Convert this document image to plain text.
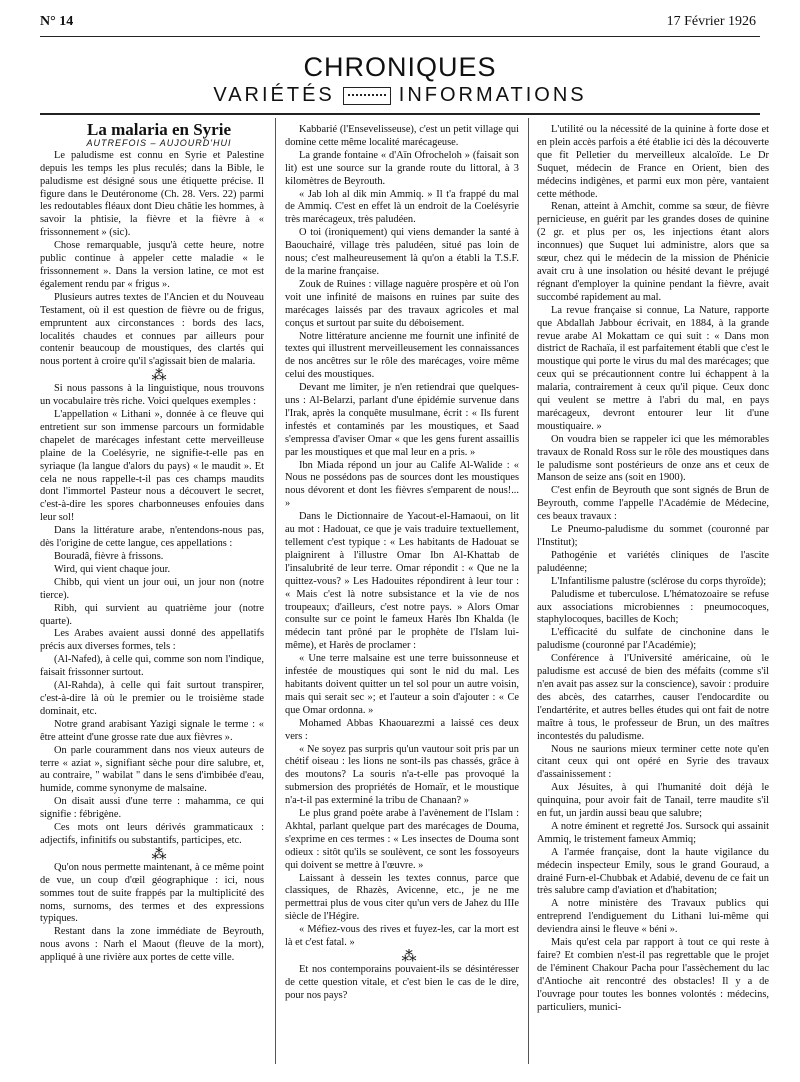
N° 14	17 Février 1926
CHRONIQUES
VARIÉTÉS	INFORMATIONS

La malaria en Syrie

AUTREFOIS – AUJOURD'HUI

Le paludisme est connu en Syrie et Palestine depuis les temps les plus reculés; dans la Bible, le paludisme est désigné sous une étiquette précise. Il figure dans le Deutéronome (Ch. 28. Vers. 22) parmi les redoutables fléaux dont Dieu châtie les hommes, à savoir la phtisie, la fièvre et la fièvre à « frissonnement » (sic).

Chose remarquable, jusqu'à cette heure, notre public continue à appeler cette maladie « le frissonnement ». Dans la version latine, ce mot est également rendu par « frigus ».

Plusieurs autres textes de l'Ancien et du Nouveau Testament, où il est question de fièvre ou de frigus, empruntent aux circonstances : bords des lacs, localités chaudes et connues par ailleurs pour contenir beaucoup de moustiques, des clartés qui nous portent à croire qu'il s'agissait bien de malaria.

⁂

Si nous passons à la linguistique, nous trouvons un vocabulaire très riche. Voici quelques exemples :

L'appellation « Lithani », donnée à ce fleuve qui entretient sur son immense parcours un formidable chapelet de marécages infestant cette merveilleuse plaine de la Coelésyrie, ne signifie-t-elle pas en syriaque (la langue d'alors du pays) « le maudit ». Et cela ne nous rappelle-t-il pas ces champs maudits dont l'immortel Pasteur nous a découvert le secret, c'est-à-dire les spores charbonneuses enfouies dans leur sol!

Dans la littérature arabe, n'entendons-nous pas, dès l'origine de cette langue, ces appellations :

Bouradâ, fièvre à frissons.

Wird, qui vient chaque jour.

Chibb, qui vient un jour oui, un jour non (notre tierce).

Ribh, qui survient au quatrième jour (notre quarte).

Les Arabes avaient aussi donné des appellatifs précis aux diverses formes, tels :

(Al-Nafed), à celle qui, comme son nom l'indique, faisait frissonner surtout.

(Al-Rahda), à celle qui fait surtout transpirer, c'est-à-dire là où le premier ou le troisième stade dominait, etc.

Notre grand arabisant Yazigi signale le terme : « être atteint d'une grosse rate due aux fièvres ».

On parle couramment dans nos vieux auteurs de terre « aziat », signifiant sèche pour dire salubre, et, au contraire, " wabilat " dans le sens d'imbibée d'eau, humide, comme synonyme de malsaine.

On disait aussi d'une terre : mahamma, ce qui signifie : fébrigène.

Ces mots ont leurs dérivés grammaticaux : adjectifs, infinitifs ou substantifs, participes, etc.

⁂

Qu'on nous permette maintenant, à ce même point de vue, un coup d'œil géographique : ici, nous sommes tout de suite frappés par la multiplicité des noms, surnoms, des termes et des expressions typiques.

Restant dans la zone immédiate de Beyrouth, nous avons : Narh el Maout (fleuve de la mort), appliqué à une rivière aux portes de cette ville.

Kabbarié (l'Ensevelisseuse), c'est un petit village qui domine cette même localité marécageuse.

La grande fontaine « d'Aïn Ofrocheloh » (faisait son lit) est une source sur la grande route du littoral, à 3 kilomètres de Beyrouth.

« Jab loh al dik min Ammiq. » Il t'a frappé du mal de Ammiq. C'est en effet là un endroit de la Coelésyrie très marécageux, très paludéen.

O toi (ironiquement) qui viens demander la santé à Baouchairé, village très paludéen, situé pas loin de nous; c'est malheureusement là qu'on a établi la T.S.F. de la marine française.

Zouk de Ruines : village naguère prospère et où l'on voit une infinité de maisons en ruines par suite des marécages laissés par des travaux agricoles et mal conçus et surtout par suite du déboisement.

Notre littérature ancienne me fournit une infinité de textes qui illustrent merveilleusement les connaissances de nos ancêtres sur le rôle des marécages, voire même celui des moustiques.

Devant me limiter, je n'en retiendrai que quelques-uns : Al-Belarzi, parlant d'une épidémie survenue dans l'Irak, après la conquête musulmane, écrit : « Ils furent infestés et contaminés par les moustiques, et Saad s'empressa d'aviser Omar « que les gens furent assaillis par les moustiques et que mal leur en a pris. »

Ibn Miada répond un jour au Calife Al-Walide : « Nous ne possédons pas de sources dont les moustiques nous dévorent et dont les fièvres s'emparent de nous!... »

Dans le Dictionnaire de Yacout-el-Hamaoui, on lit au mot : Hadouat, ce que je vais traduire textuellement, tellement c'est typique : « Les habitants de Hadouat se plaignirent à l'illustre Omar Ibn Al-Khattab de l'insalubrité de leur terre. Omar répondit : « Que ne la quittez-vous? » Les Hadouites répondirent à leur tour : « Mais c'est là notre subsistance et la vie de nos troupeaux; d'ailleurs, c'est notre pays. » Alors Omar consulte sur ce point le fameux Harès Ibn Khalda (le médecin tant prôné par le prophète de l'Islam lui-même), et Harès de proclamer :

« Une terre malsaine est une terre buissonneuse et infestée de moustiques qui sont le nid du mal. Les habitants doivent quitter un tel sol pour un autre voisin, mais qui serait sec »; et l'auteur a soin d'ajouter : « Ce que Omar ordonna. »

Mohamed Abbas Khaouarezmi a laissé ces deux vers :

« Ne soyez pas surpris qu'un vautour soit pris par un chétif oiseau : les lions ne sont-ils pas chassés, grâce à des moutons? La souris n'a-t-elle pas provoqué la submersion des propriétés de Homaïr, et le moustique n'a-t-il pas exterminé la tribu de Chanaan? »

Le plus grand poète arabe à l'avènement de l'Islam : Akhtal, parlant quelque part des marécages de Douma, s'exprime en ces termes : « Les insectes de Douma sont odieux : sitôt qu'ils se soulèvent, ce sont les fossoyeurs qui doivent se mettre à l'œuvre. »

Laissant à dessein les textes connus, parce que classiques, de Rhazès, Avicenne, etc., je ne me permettrai plus de vous citer qu'un vers de Jahez du IIIe siècle de l'Hégire.

« Méfiez-vous des rives et fuyez-les, car la mort est là et c'est fatal. »

⁂

Et nos contemporains pouvaient-ils se désintéresser de cette question vitale, et c'est bien le cas de le dire, pour nos pays?

L'utilité ou la nécessité de la quinine à forte dose et en plein accès parfois a été établie ici dès la découverte que fit Pelletier du merveilleux alcaloïde. Le Dr Suquet, médecin de France en Orient, bien des médecins indigènes, et parmi eux mon père, vantaient cette méthode.

Renan, atteint à Amchit, comme sa sœur, de fièvre pernicieuse, en guérit par les grandes doses de quinine (2 gr. et plus per os, les injections étant alors inconnues) que Suquet lui administre, alors que sa sœur, chez qui le médecin de la mission de Phénicie avait cru à une insolation ou hésité devant le préjugé régnant d'employer la quinine pendant la fièvre, avait succombé rapidement au mal.

La revue française si connue, La Nature, rapporte que Abdallah Jabbour écrivait, en 1884, à la grande revue arabe Al Mokattam ce qui suit : « Dans mon district de Rachaïa, il est parfaitement établi que c'est le moustique qui porte le virus du mal des marécages; que ceux qui se précautionnent contre lui échappent à la malaria, contrairement à ceux qu'il pique. Ceux donc qui veulent se mettre à l'abri du mal, en pays marécageux, devront entourer leur lit d'une moustiquaire. »

On voudra bien se rappeler ici que les mémorables travaux de Ronald Ross sur le rôle des moustiques dans le paludisme sont postérieurs de onze ans et ceux de Manson de seize ans (soit en 1900).

C'est enfin de Beyrouth que sont signés de Brun de Beyrouth, comme l'appelle l'Académie de Médecine, ces beaux travaux :

Le Pneumo-paludisme du sommet (couronné par l'Institut);

Pathogénie et variétés cliniques de l'ascite paludéenne;

L'Infantilisme palustre (sclérose du corps thyroïde);

Paludisme et tuberculose. L'hématozoaire se refuse aux associations microbiennes : pneumocoques, staphylocoques, bacilles de Koch;

L'efficacité du sulfate de cinchonine dans le paludisme (couronné par l'Académie);

Conférence à l'Université américaine, où le paludisme est accusé de bien des méfaits (comme s'il n'en avait pas assez sur la conscience), savoir : produire des abcès, des catarrhes, causer l'endocardite ou l'endartérite, et autres belles études qui ont fait de notre maître à tous, le professeur de Brun, un des maîtres incontestés du paludisme.

Nous ne saurions mieux terminer cette note qu'en citant ceux qui ont opéré en Syrie des travaux d'assainissement :

Aux Jésuites, à qui l'humanité doit déjà le quinquina, pour avoir fait de Tanail, terre maudite s'il en fut, un jardin aussi beau que salubre;

A notre éminent et regretté Jos. Sursock qui assainit Ammiq, le tristement fameux Ammiq;

A l'armée française, dont la haute vigilance du médecin inspecteur Emily, sous le grand Gouraud, a drainé Furn-el-Chubbak et Adabié, devenu de ce fait un très salubre camp d'aviation et d'habitation;

A notre ministère des Travaux publics qui entreprend l'endiguement du Lithani lui-même qui deviendra ainsi le fleuve « béni ».

Mais qu'est cela par rapport à tout ce qui reste à faire? Et combien n'est-il pas regrettable que le projet de l'éminent Chakour Pacha pour l'assèchement du lac d'Antioche ait rencontré des obstacles! Il y a de l'ouvrage pour toutes les bonnes volontés : médecins, particuliers, munici-
